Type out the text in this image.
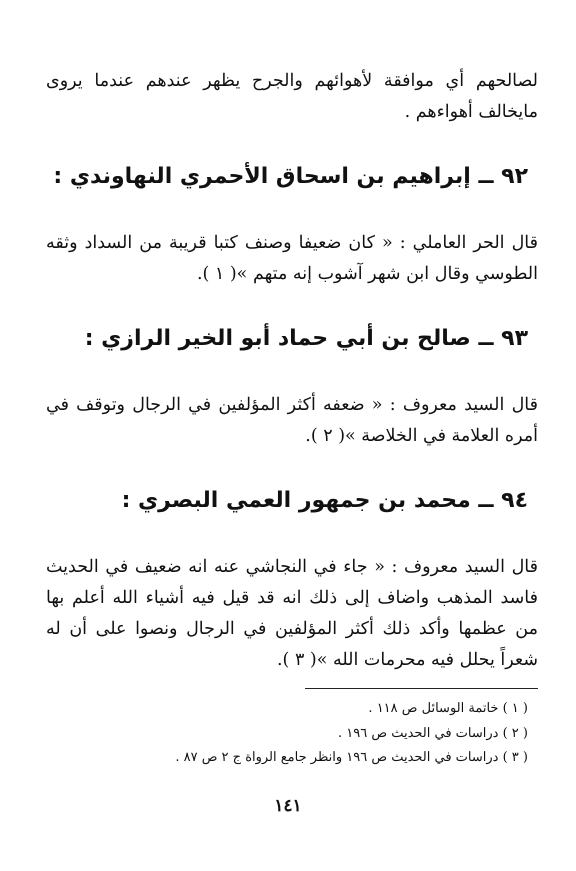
لصالحهم أي موافقة لأهوائهم والجرح يظهر عندهم عندما يروى مايخالف أهواءهم .

٩٢ ــ إبراهيم بن اسحاق الأحمري النهاوندي :

قال الحر العاملي : « كان ضعيفا وصنف كتبا قريبة من السداد وثقه الطوسي وقال ابن شهر آشوب إنه متهم »( ١ ).

٩٣ ــ صالح بن أبي حماد أبو الخير الرازي :

قال السيد معروف : « ضعفه أكثر المؤلفين في الرجال وتوقف في أمره العلامة في الخلاصة »( ٢ ).

٩٤ ــ محمد بن جمهور العمي البصري :

قال السيد معروف : « جاء في النجاشي عنه انه ضعيف في الحديث فاسد المذهب واضاف إلى ذلك انه قد قيل فيه أشياء الله أعلم بها من عظمها وأكد ذلك أكثر المؤلفين في الرجال ونصوا على أن له شعراً يحلل فيه محرمات الله »( ٣ ).

( ١ ) خاتمة الوسائل ص ١١٨ .

( ٢ ) دراسات في الحديث ص ١٩٦ .

( ٣ ) دراسات في الحديث ص ١٩٦ وانظر جامع الرواة ج ٢ ص ٨٧ .

١٤١
